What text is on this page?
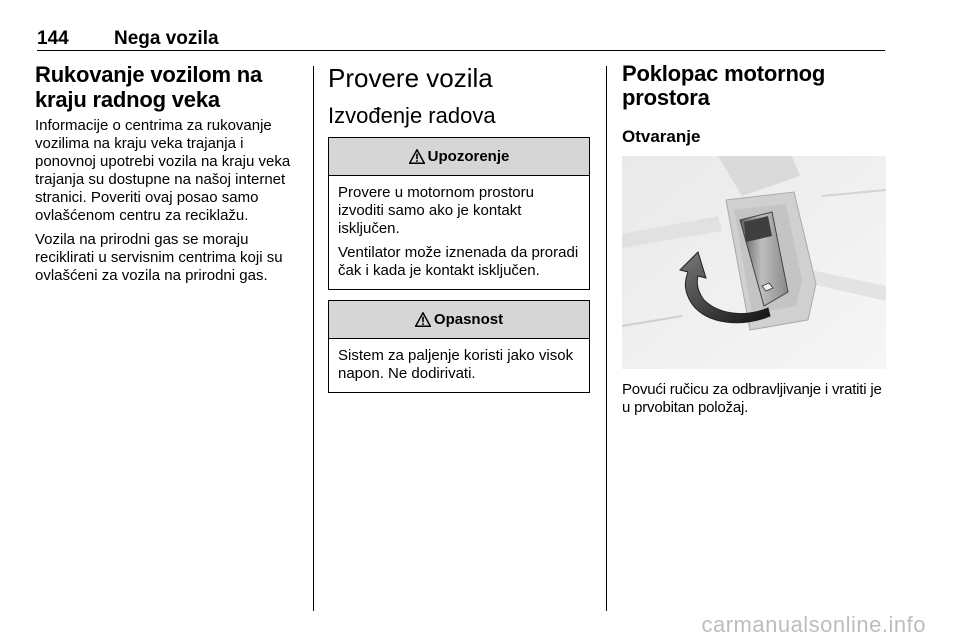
144 Nega vozila
Rukovanje vozilom na kraju radnog veka

Informacije o centrima za rukovanje vozilima na kraju veka trajanja i ponovnoj upotrebi vozila na kraju veka trajanja su dostupne na našoj internet stranici. Poveriti ovaj posao samo ovlašćenom centru za reciklažu.

Vozila na prirodni gas se moraju reciklirati u servisnim centrima koji su ovlašćeni za vozila na prirodni gas.

Provere vozila
Izvođenje radova
Upozorenje

Provere u motornom prostoru izvoditi samo ako je kontakt isključen.

Ventilator može iznenada da proradi čak i kada je kontakt isključen.

Opasnost

Sistem za paljenje koristi jako visok napon. Ne dodirivati.

Poklopac motornog prostora
Otvaranje

Povući ručicu za odbravljivanje i vratiti je u prvobitan položaj.

carmanualsonline.info
